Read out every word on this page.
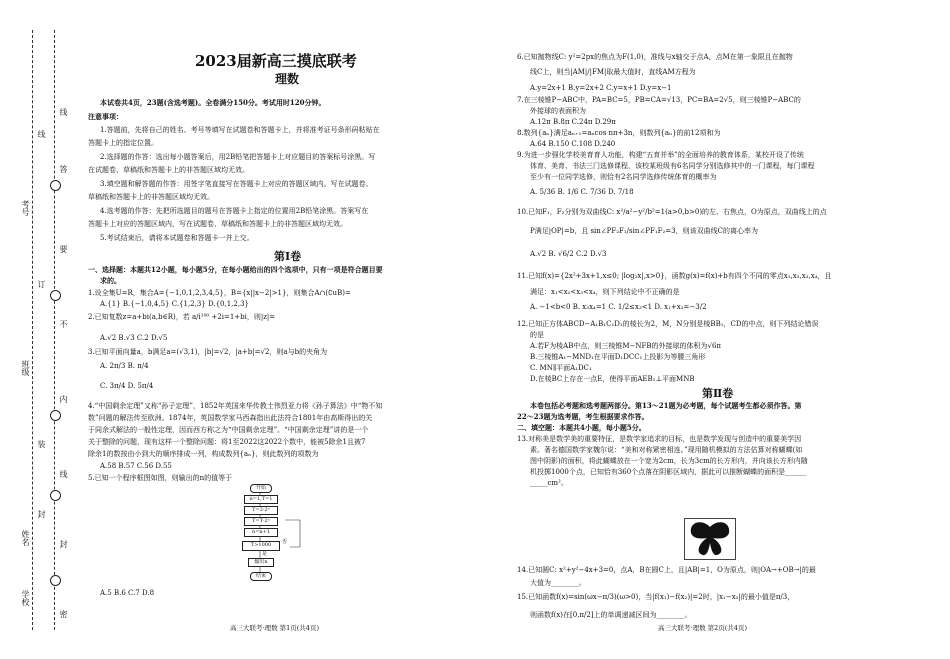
考号
班级
姓名
学校
线
答
要
不
内
线
封
密
线
订
装
封
2023届新高三摸底联考
理数
本试卷共4页，23题(含选考题)。全卷满分150分。考试用时120分钟。
注意事项：
1.答题前，先将自己的姓名、考号等填写在试题卷和答题卡上，并将准考证号条形码粘贴在
答题卡上的指定位置。
2.选择题的作答：选出每小题答案后，用2B铅笔把答题卡上对应题目的答案标号涂黑。写
在试题卷、草稿纸和答题卡上的非答题区域均无效。
3.填空题和解答题的作答：用签字笔直接写在答题卡上对应的答题区域内。写在试题卷、
草稿纸和答题卡上的非答题区域均无效。
4.选考题的作答：先把所选题目的题号在答题卡上指定的位置用2B铅笔涂黑。答案写在
答题卡上对应的答题区域内，写在试题卷、草稿纸和答题卡上的非答题区域均无效。
5.考试结束后，请将本试题卷和答题卡一并上交。
第Ⅰ卷
一、选择题：本题共12小题，每小题5分，在每小题给出的四个选项中，只有一项是符合题目要
求的。
1.设全集U=R，集合A={−1,0,1,2,3,4,5}，B={x||x−2|>1}，则集合A∩(∁uB)=
A.{1} B.{−1,0,4,5} C.{1,2,3} D.{0,1,2,3}
2.已知复数z=a+bi(a,b∈R)，若 a/i¹⁰⁰ +2i=1+bi，则|z|=
A.√2 B.√3 C.2 D.√5
3.已知平面向量a，b满足a=(√3,1)，|b|=√2，|a+b|=√2，则a与b的夹角为
A. 2π/3 B. π/4
C. 3π/4 D. 5π/4
4.“中国剩余定理”又称“孙子定理”，1852年英国来华传教士伟烈亚力将《孙子算法》中“物不知
数”问题的解法传至欧洲。1874年，英国数学家马西森指出此法符合1801年由高斯得出的关
于同余式解法的一般性定理，因而西方称之为“中国剩余定理”。“中国剩余定理”讲的是一个
关于整除的问题，现有这样一个整除问题：将1至2022这2022个数中，能被5除余1且被7
除余1的数按由小到大的顺序排成一列，构成数列{aₙ}，则此数列的项数为
A.58 B.57 C.56 D.55
5.已知一个程序框图如图，则输出的n的值等于
开始
n=1,T=1
T=2·2ⁿ
T=T·2ⁿ
n=n+1
T>1000
是
否
输出n
结束
A.5 B.6 C.7 D.8
高三大联考·理数 第1页(共4页)
6.已知抛物线C: y²=2px的焦点为F(1,0)，准线与x轴交于点A，点M在第一象限且在抛物
线C上，则当|AM|/|FM|取最大值时，直线AM方程为
A.y=2x+1 B.y=2x+2 C.y=x+1 D.y=x−1
7.在三棱锥P−ABC中，PA=BC=5，PB=CA=√13，PC=BA=2√5，则三棱锥P−ABC的
外接球的表面积为
A.12π B.8π C.24π D.29π
8.数列{aₙ}满足aₙ₊₁=aₙcos nπ+3n，则数列{aₙ}的前12项和为
A.64 B.150 C.108 D.240
9.为进一步强化学校美育育人功能，构建“五育并举”的全面培养的教育体系，某校开设了传统
体育、美育、书法三门选修课程，该校某班级有6名同学分别选修其中的一门课程，每门课程
至少有一位同学选修，则恰有2名同学选修传统体育的概率为
A. 5/36 B. 1/6 C. 7/36 D. 7/18
10.已知F₁，F₂分别为双曲线C: x²/a²−y²/b²=1(a>0,b>0)的左、右焦点，O为原点，双曲线上的点
P满足|OP|=b，且 sin∠PF₂F₁/sin∠PF₁F₂=3，则该双曲线C的离心率为
A.√2 B. √6/2 C.2 D.√3
11.已知f(x)={2x²+3x+1,x≤0; |log₂x|,x>0}，函数g(x)=f(x)+b有四个不同的零点x₁,x₂,x₃,x₄，且
满足：x₁<x₂<x₃<x₄，则下列结论中不正确的是
A. −1<b<0 B. x₃x₄=1 C. 1/2≤x₃<1 D. x₁+x₂=−3/2
12.已知正方体ABCD−A₁B₁C₁D₁的棱长为2，M，N分别是棱BB₁，CD的中点，则下列结论错误
的是
A.若F为棱AB中点，则三棱锥M−NFB的外接球的体积为√6π
B.三棱锥A₁−MND₁在平面D₁DCC₁上投影为等腰三角形
C. MN∥平面A₁DC₁
D.在棱BC上存在一点E，使得平面AEB₁⊥平面MNB
第Ⅱ卷
本卷包括必考题和选考题两部分。第13～21题为必考题，每个试题考生都必须作答。第
22～23题为选考题，考生根据要求作答。
二、填空题：本题共4小题，每小题5分。
13.对称美是数学美的重要特征，是数学家追求的目标，也是数学发现与创造中的重要美学因
素。著名德国数学家魏尔说：“美和对称紧密相连。”现用随机模拟的方法估算对称蝴蝶(如
图中阴影)的面积，将此蝴蝶放在一个宽为2cm，长为3cm的长方形内，并向该长方形内随
机投掷1000个点，已知恰有360个点落在阴影区域内，据此可以推断蝴蝶的面积是______
_____cm²。
14.已知圆C: x²+y²−4x+3=0，点A，B在圆C上，且|AB|=1，O为原点，则|OA→+OB→|的最
大值为________。
15.已知函数f(x)=sin(ωx−π/3)(ω>0)，当|f(x₁)−f(x₂)|=2时，|x₁−x₂|的最小值是π/3，
则函数f(x)在[0,π/2]上的单调递减区间为________。
高三大联考·理数 第2页(共4页)
